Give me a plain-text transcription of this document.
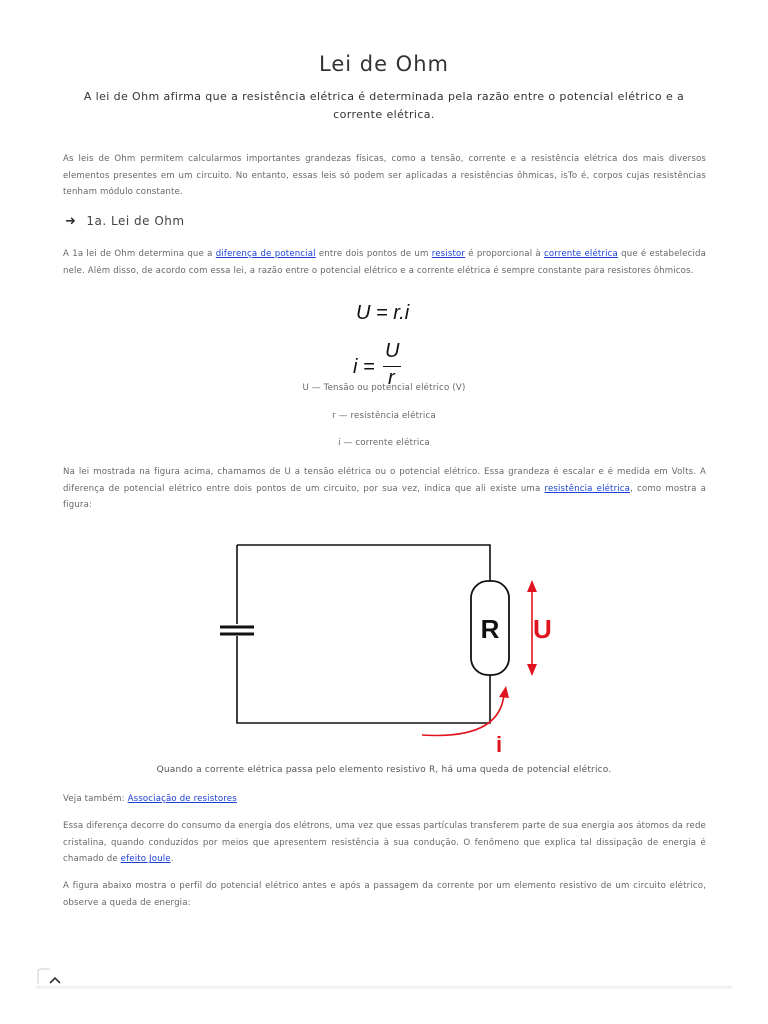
Lei de Ohm

A lei de Ohm afirma que a resistência elétrica é determinada pela razão entre o potencial elétrico e a corrente elétrica.

As leis de Ohm permitem calcularmos importantes grandezas físicas, como a tensão, corrente e a resistência elétrica dos mais diversos elementos presentes em um circuito. No entanto, essas leis só podem ser aplicadas a resistências ôhmicas, isTo é, corpos cujas resistências tenham módulo constante.

➜ 1a. Lei de Ohm

A 1a lei de Ohm determina que a diferença de potencial entre dois pontos de um resistor é proporcional à corrente elétrica que é estabelecida nele. Além disso, de acordo com essa lei, a razão entre o potencial elétrico e a corrente elétrica é sempre constante para resistores ôhmicos.

U = r.i
i =
U
r

U — Tensão ou potencial elétrico (V)

r — resistência elétrica

i — corrente elétrica

Na lei mostrada na figura acima, chamamos de U a tensão elétrica ou o potencial elétrico. Essa grandeza é escalar e é medida em Volts. A diferença de potencial elétrico entre dois pontos de um circuito, por sua vez, indica que ali existe uma resistência elétrica, como mostra a figura:

R U
i

Quando a corrente elétrica passa pelo elemento resistivo R, há uma queda de potencial elétrico.

Veja também: Associação de resistores

Essa diferença decorre do consumo da energia dos elétrons, uma vez que essas partículas transferem parte de sua energia aos átomos da rede cristalina, quando conduzidos por meios que apresentem resistência à sua condução. O fenômeno que explica tal dissipação de energia é chamado de efeito Joule.

A figura abaixo mostra o perfil do potencial elétrico antes e após a passagem da corrente por um elemento resistivo de um circuito elétrico, observe a queda de energia:
